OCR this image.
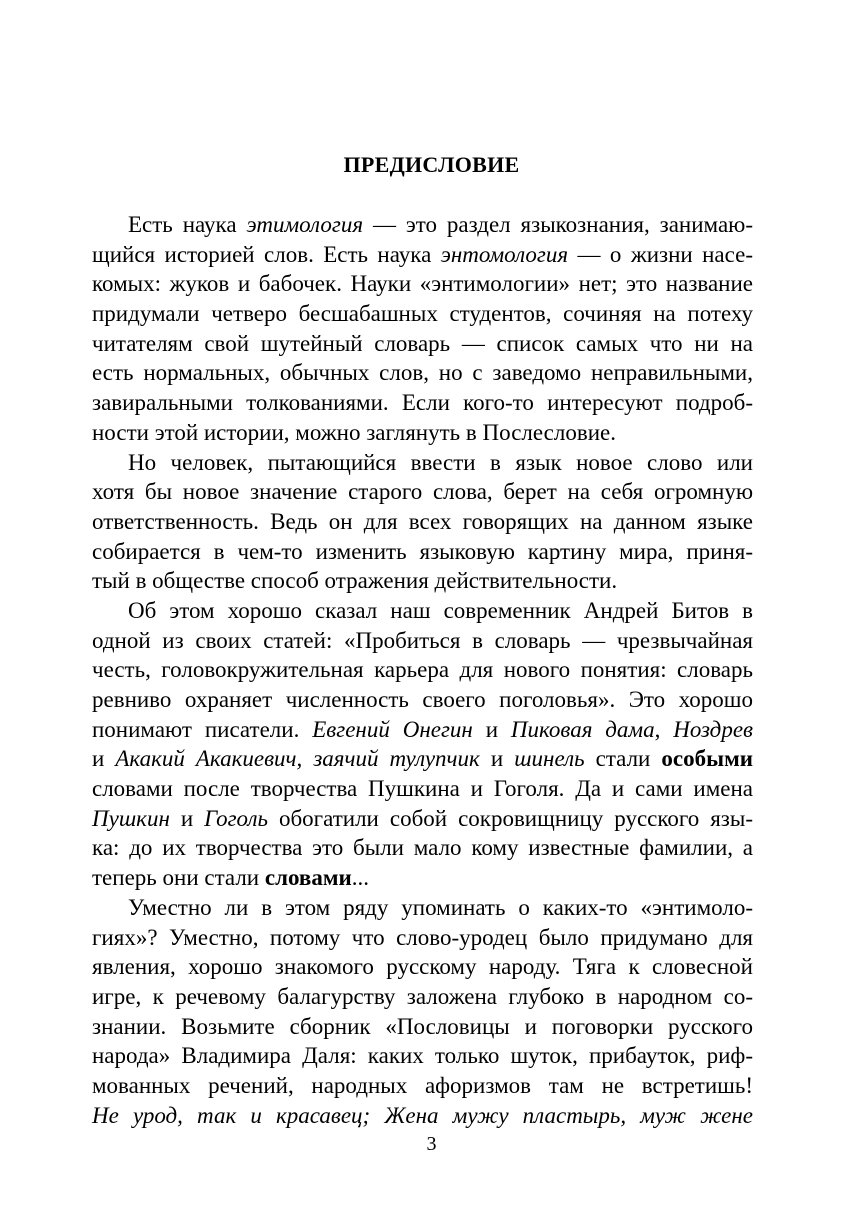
ПРЕДИСЛОВИЕ
Есть наука этимология — это раздел языкознания, занимаю-
щийся историей слов. Есть наука энтомология — о жизни насе-
комых: жуков и бабочек. Науки «энтимологии» нет; это название
придумали четверо бесшабашных студентов, сочиняя на потеху
читателям свой шутейный словарь — список самых что ни на
есть нормальных, обычных слов, но с заведомо неправильными,
завиральными толкованиями. Если кого-то интересуют подроб-
ности этой истории, можно заглянуть в Послесловие.
Но человек, пытающийся ввести в язык новое слово или
хотя бы новое значение старого слова, берет на себя огромную
ответственность. Ведь он для всех говорящих на данном языке
собирается в чем-то изменить языковую картину мира, приня-
тый в обществе способ отражения действительности.
Об этом хорошо сказал наш современник Андрей Битов в
одной из своих статей: «Пробиться в словарь — чрезвычайная
честь, головокружительная карьера для нового понятия: словарь
ревниво охраняет численность своего поголовья». Это хорошо
понимают писатели. Евгений Онегин и Пиковая дама, Ноздрев
и Акакий Акакиевич, заячий тулупчик и шинель стали особыми
словами после творчества Пушкина и Гоголя. Да и сами имена
Пушкин и Гоголь обогатили собой сокровищницу русского язы-
ка: до их творчества это были мало кому известные фамилии, а
теперь они стали словами...
Уместно ли в этом ряду упоминать о каких-то «энтимоло-
гиях»? Уместно, потому что слово-уродец было придумано для
явления, хорошо знакомого русскому народу. Тяга к словесной
игре, к речевому балагурству заложена глубоко в народном со-
знании. Возьмите сборник «Пословицы и поговорки русского
народа» Владимира Даля: каких только шуток, прибауток, риф-
мованных речений, народных афоризмов там не встретишь!
Не урод, так и красавец; Жена мужу пластырь, муж жене
3
